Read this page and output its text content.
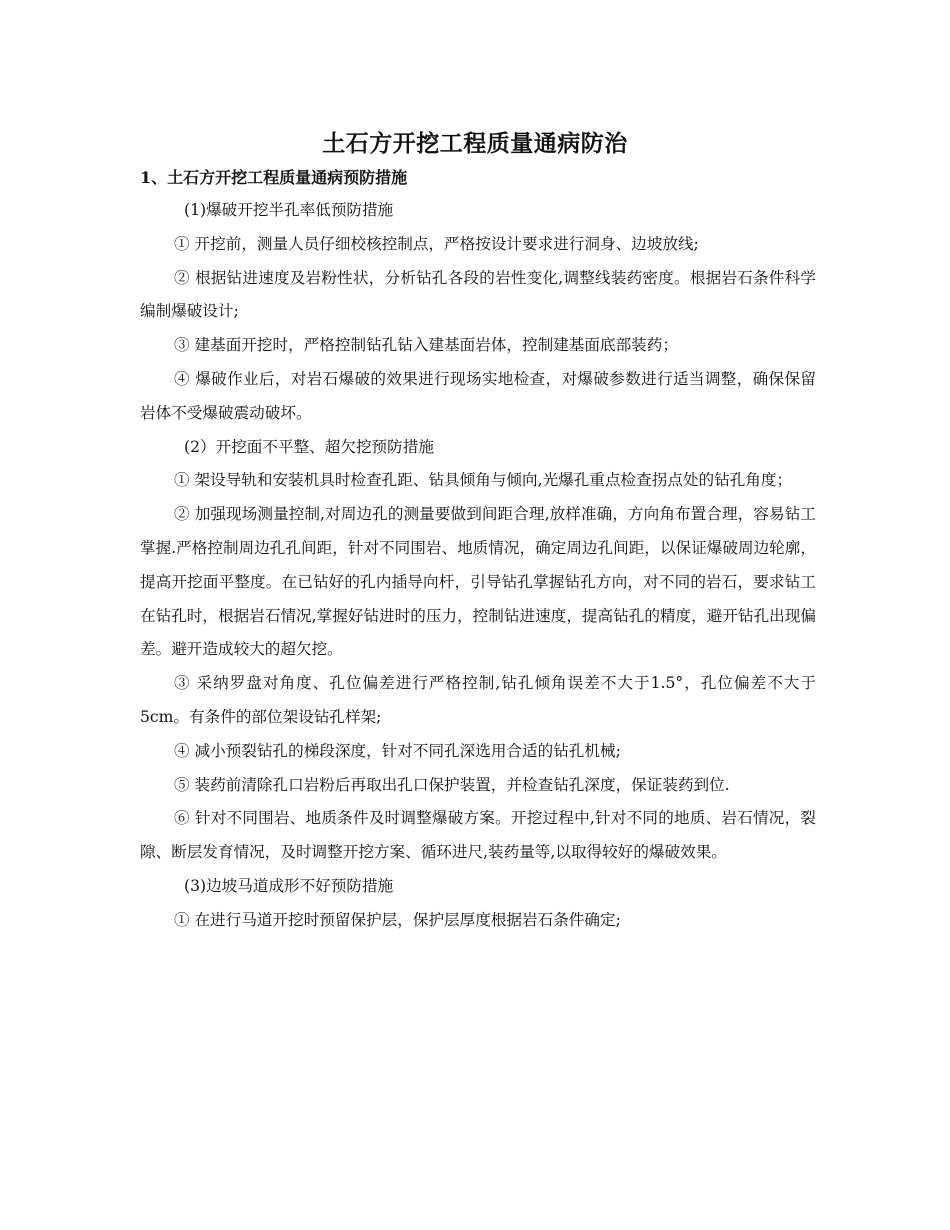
土石方开挖工程质量通病防治
1、土石方开挖工程质量通病预防措施

(1)爆破开挖半孔率低预防措施

① 开挖前，测量人员仔细校核控制点，严格按设计要求进行洞身、边坡放线;

② 根据钻进速度及岩粉性状，分析钻孔各段的岩性变化,调整线装药密度。根据岩石条件科学编制爆破设计;

③ 建基面开挖时，严格控制钻孔钻入建基面岩体，控制建基面底部装药；

④ 爆破作业后，对岩石爆破的效果进行现场实地检查，对爆破参数进行适当调整，确保保留岩体不受爆破震动破坏。

(2）开挖面不平整、超欠挖预防措施

① 架设导轨和安装机具时检查孔距、钻具倾角与倾向,光爆孔重点检查拐点处的钻孔角度；

② 加强现场测量控制,对周边孔的测量要做到间距合理,放样准确，方向角布置合理，容易钻工掌握.严格控制周边孔孔间距，针对不同围岩、地质情况，确定周边孔间距，以保证爆破周边轮廓，提高开挖面平整度。在已钻好的孔内插导向杆，引导钻孔掌握钻孔方向，对不同的岩石，要求钻工在钻孔时，根据岩石情况,掌握好钻进时的压力，控制钻进速度，提高钻孔的精度，避开钻孔出现偏差。避开造成较大的超欠挖。

③ 采纳罗盘对角度、孔位偏差进行严格控制,钻孔倾角误差不大于1.5°，孔位偏差不大于5cm。有条件的部位架设钻孔样架;

④ 减小预裂钻孔的梯段深度，针对不同孔深选用合适的钻孔机械;

⑤ 装药前清除孔口岩粉后再取出孔口保护装置，并检查钻孔深度，保证装药到位.

⑥ 针对不同围岩、地质条件及时调整爆破方案。开挖过程中,针对不同的地质、岩石情况，裂隙、断层发育情况，及时调整开挖方案、循环进尺,装药量等,以取得较好的爆破效果。

(3)边坡马道成形不好预防措施

① 在进行马道开挖时预留保护层，保护层厚度根据岩石条件确定;
